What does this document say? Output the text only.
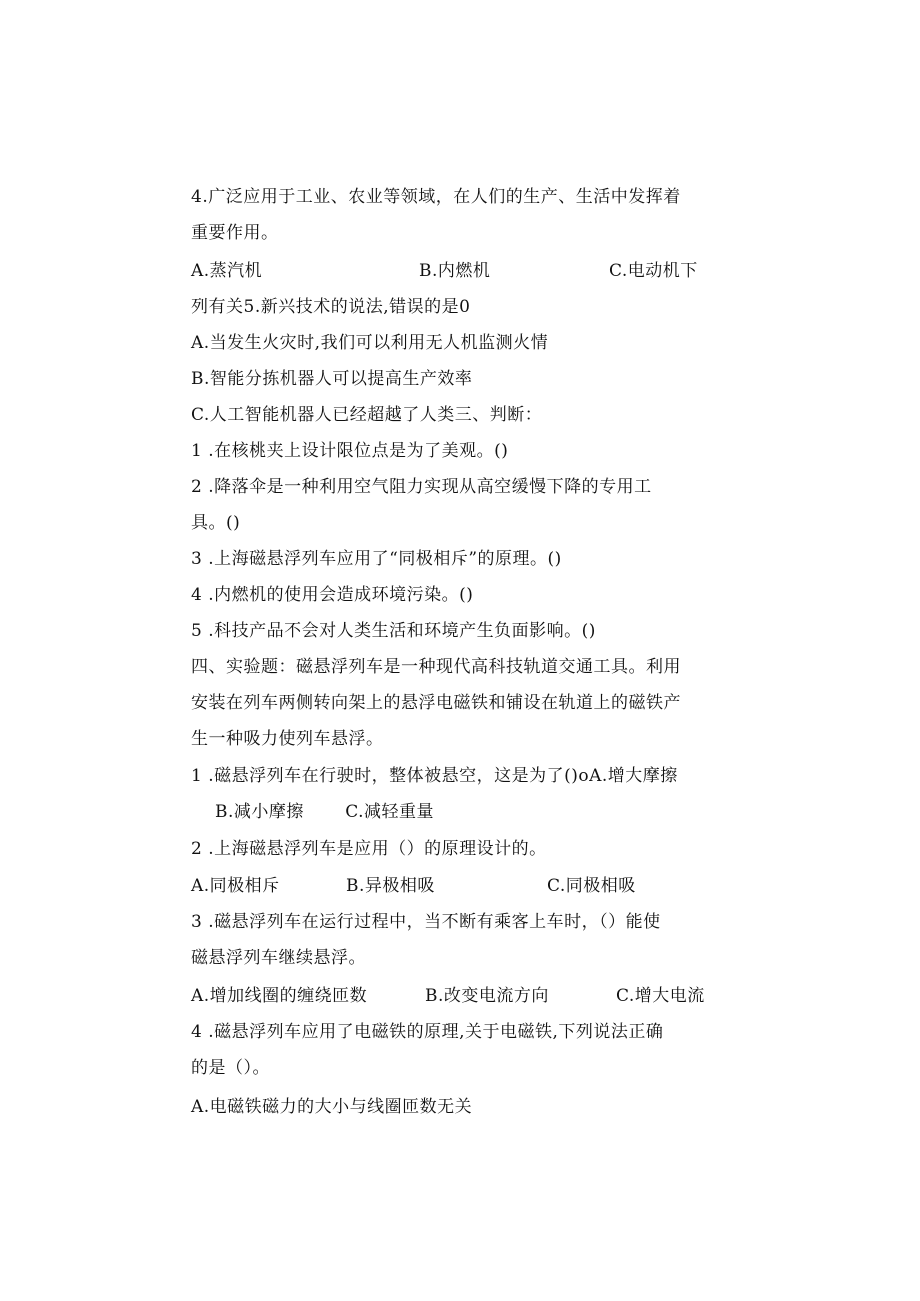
4.广泛应用于工业、农业等领域，在人们的生产、生活中发挥着
重要作用。
A.蒸汽机	B.内燃机	C.电动机下
列有关5.新兴技术的说法,错误的是0
A.当发生火灾时,我们可以利用无人机监测火情
B.智能分拣机器人可以提高生产效率
C.人工智能机器人已经超越了人类三、判断：
1 .在核桃夹上设计限位点是为了美观。()
2 .降落伞是一种利用空气阻力实现从高空缓慢下降的专用工
具。()
3 .上海磁悬浮列车应用了“同极相斥”的原理。()
4 .内燃机的使用会造成环境污染。()
5 .科技产品不会对人类生活和环境产生负面影响。()
四、实验题：磁悬浮列车是一种现代高科技轨道交通工具。利用
安装在列车两侧转向架上的悬浮电磁铁和铺设在轨道上的磁铁产
生一种吸力使列车悬浮。
1 .磁悬浮列车在行驶时，整体被悬空，这是为了()oA.增大摩擦
B.减小摩擦       C.减轻重量
2 .上海磁悬浮列车是应用（）的原理设计的。
A.同极相斥	B.异极相吸	C.同极相吸
3 .磁悬浮列车在运行过程中，当不断有乘客上车时，（）能使
磁悬浮列车继续悬浮。
A.增加线圈的缠绕匝数	B.改变电流方向	C.增大电流
4 .磁悬浮列车应用了电磁铁的原理,关于电磁铁,下列说法正确
的是（）。
A.电磁铁磁力的大小与线圈匝数无关
